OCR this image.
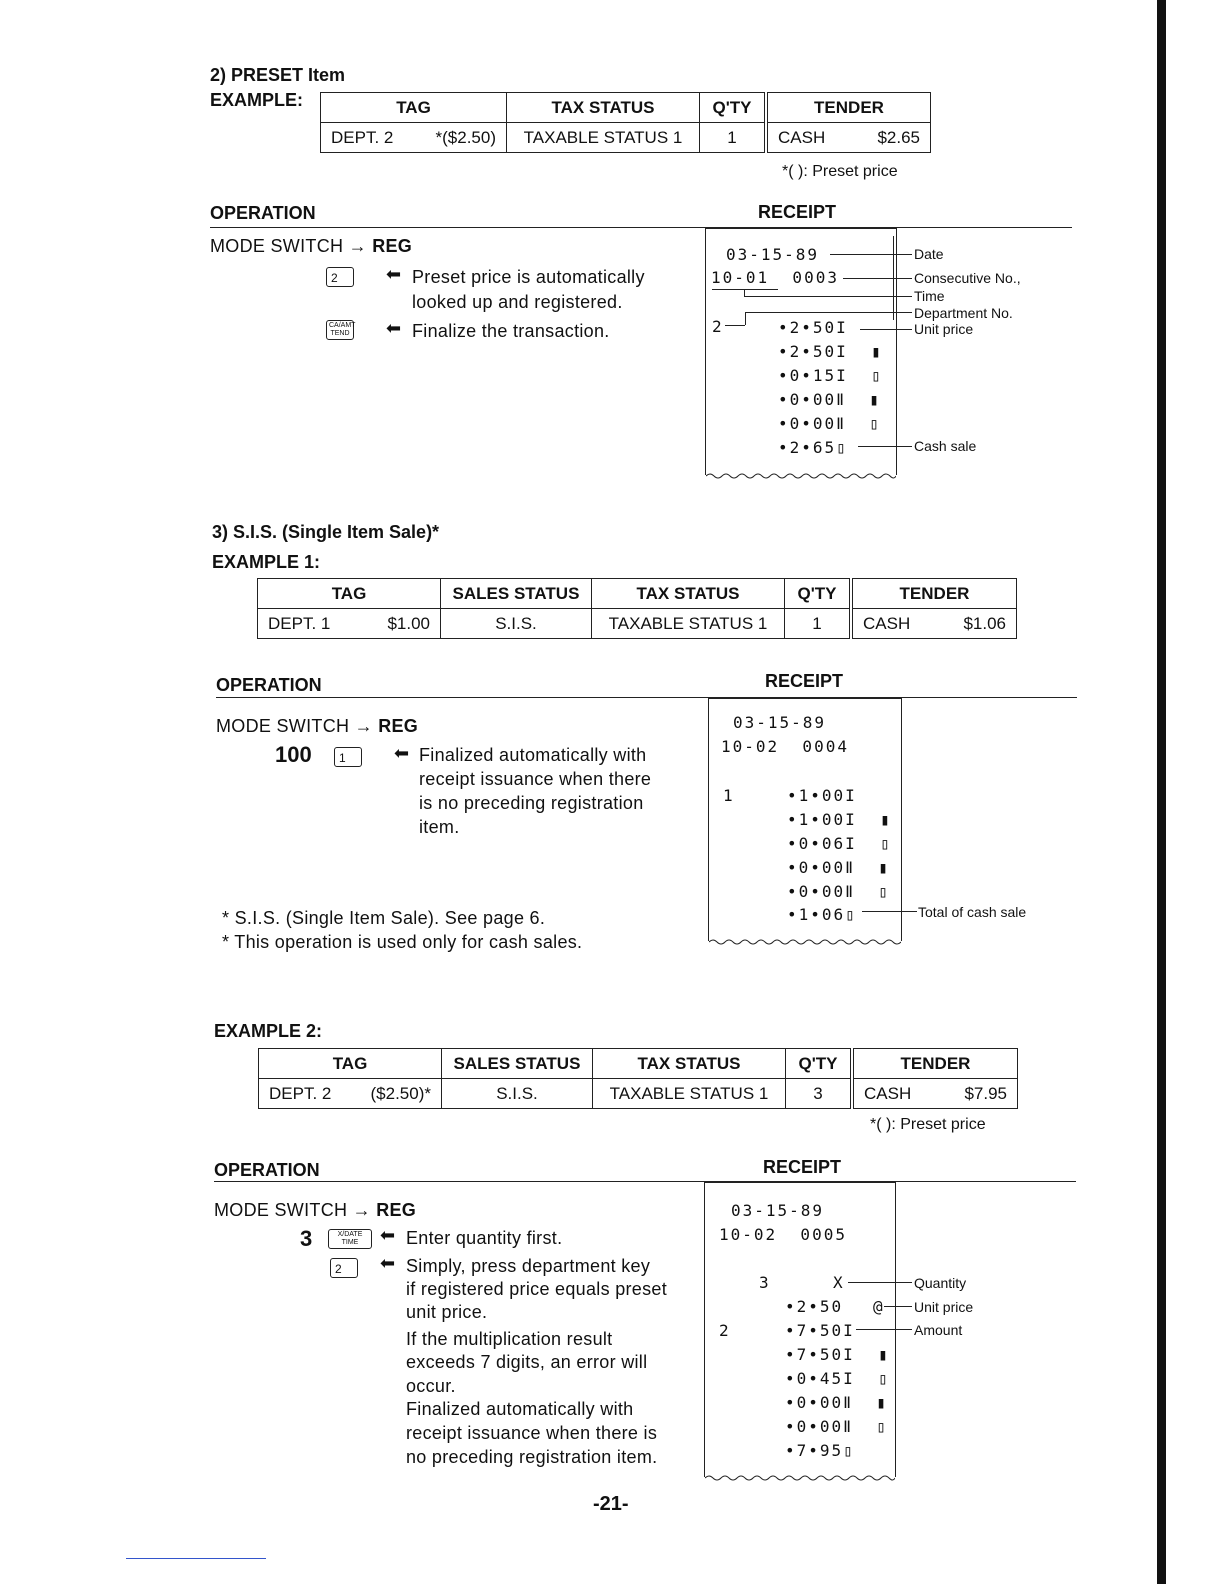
2) PRESET Item
EXAMPLE:	TAG	TAX STATUS	Q'TY	TENDER

DEPT. 2 *($2.50)	TAXABLE STATUS 1	1	CASH $2.65
*( ): Preset price
OPERATION	RECEIPT
MODE SWITCH → REG
2	⬅ Preset price is automatically
looked up and registered.
CA/AMT TEND ⬅ Finalize the transaction.
03-15-89
10-01  0003
2	•2•50I
•2•50I  ▮
•0•15I  ▯
•0•00Ⅱ  ▮
•0•00Ⅱ  ▯
•2•65▯
Date
Consecutive No.,
Time
Department No.
Unit price
Cash sale
3) S.I.S. (Single Item Sale)*
EXAMPLE 1:
TAG	SALES STATUS	TAX STATUS	Q'TY	TENDER

DEPT. 1 $1.00	S.I.S.	TAXABLE STATUS 1	1	CASH $1.06
OPERATION	RECEIPT
MODE SWITCH → REG
100	1	⬅ Finalized automatically with
receipt issuance when there
is no preceding registration
item.
* S.I.S. (Single Item Sale). See page 6.
* This operation is used only for cash sales.
03-15-89
10-02  0004
1	•1•00I
•1•00I  ▮
•0•06I  ▯
•0•00Ⅱ  ▮
•0•00Ⅱ  ▯
•1•06▯	Total of cash sale
EXAMPLE 2:
TAG	SALES STATUS	TAX STATUS	Q'TY	TENDER

DEPT. 2 ($2.50)*	S.I.S.	TAXABLE STATUS 1	3	CASH $7.95
*( ): Preset price
OPERATION	RECEIPT
MODE SWITCH → REG
3	X/DATE TIME	⬅ Enter quantity first.
2	⬅ Simply, press department key
if registered price equals preset
unit price.
If the multiplication result
exceeds 7 digits, an error will
occur.
Finalized automatically with
receipt issuance when there is
no preceding registration item.
03-15-89
10-02  0005
3	X
•2•50 @
2	•7•50I
•7•50I  ▮
•0•45I  ▯
•0•00Ⅱ  ▮
•0•00Ⅱ  ▯
•7•95▯
Quantity
Unit price
Amount
-21-
